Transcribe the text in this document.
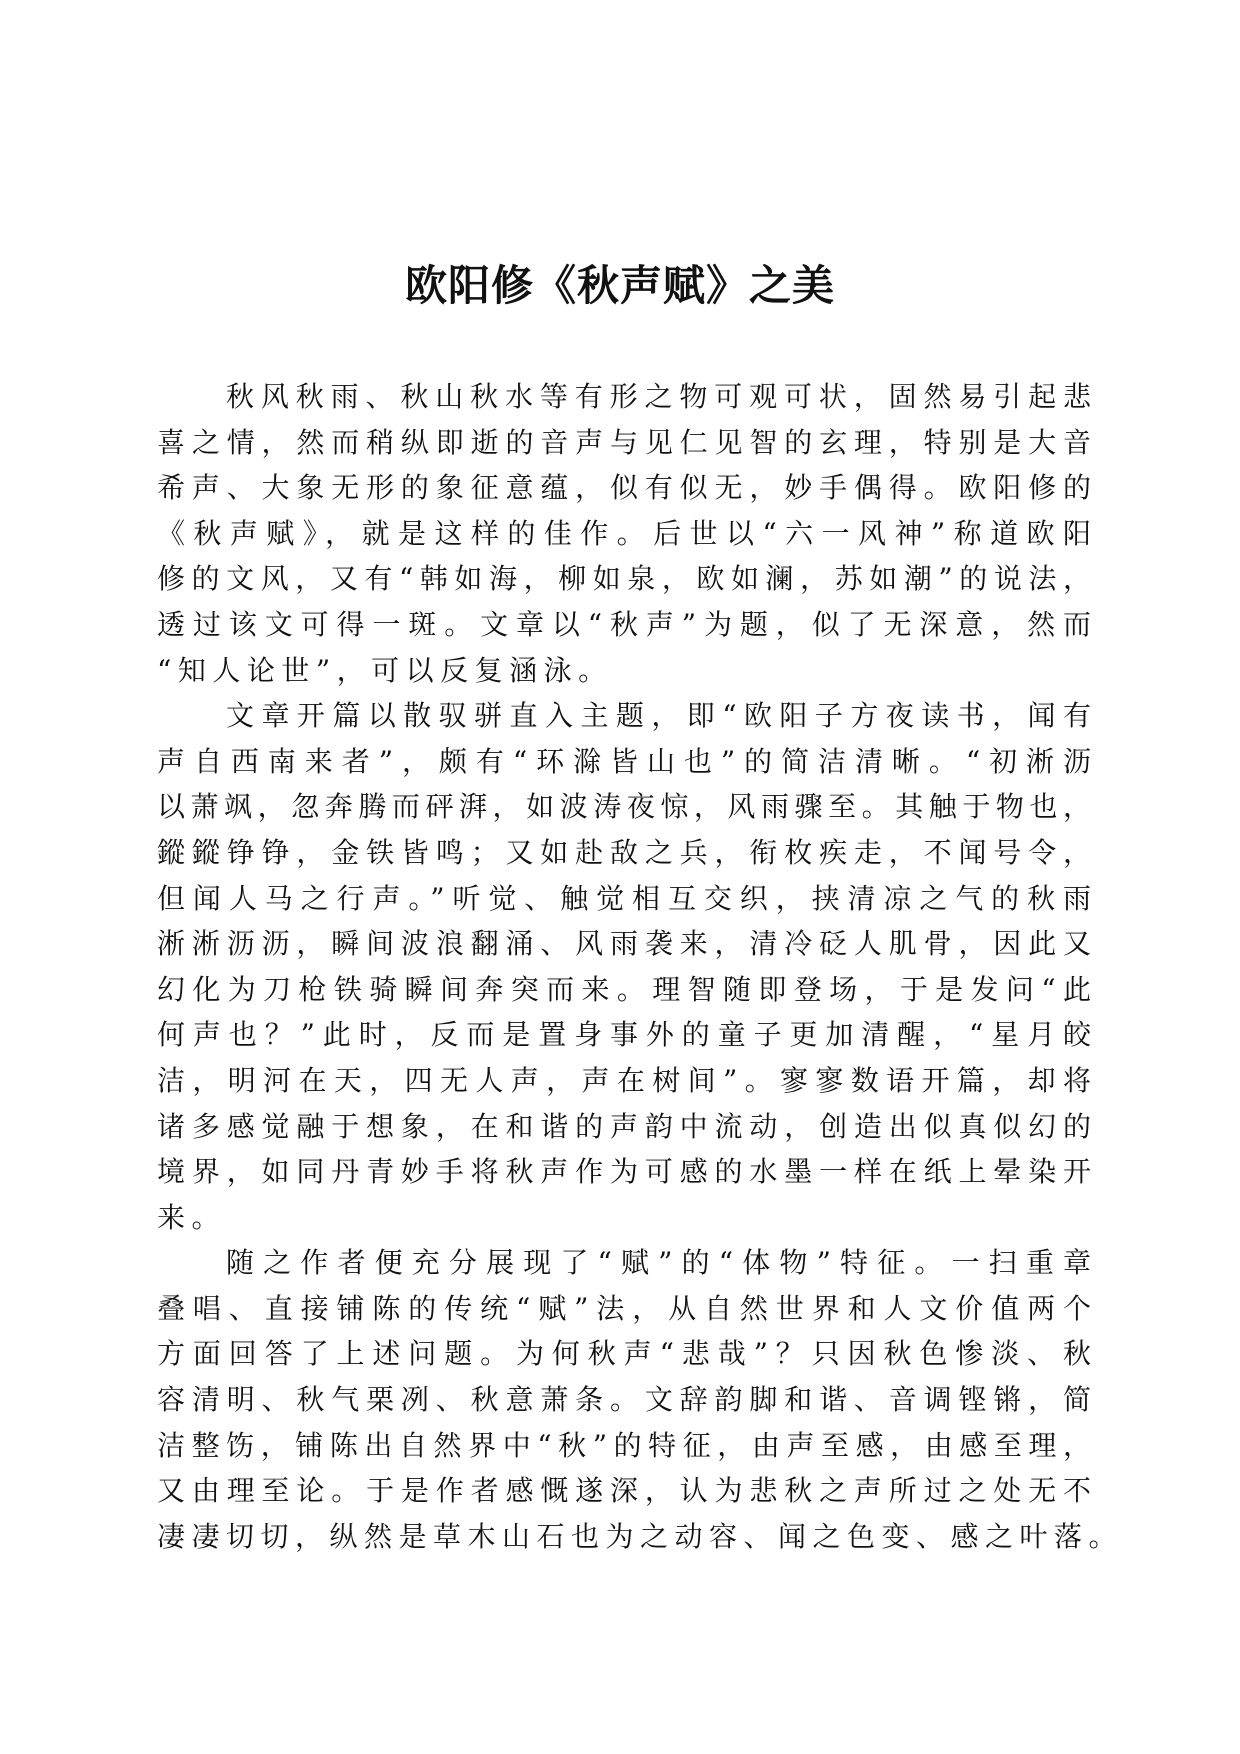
欧阳修《秋声赋》之美
秋风秋雨、秋山秋水等有形之物可观可状，固然易引起悲
喜之情，然而稍纵即逝的音声与见仁见智的玄理，特别是大音
希声、大象无形的象征意蕴，似有似无，妙手偶得。欧阳修的
《秋声赋》，就是这样的佳作。后世以“六一风神”称道欧阳
修的文风，又有“韩如海，柳如泉，欧如澜，苏如潮”的说法，
透过该文可得一斑。文章以“秋声”为题，似了无深意，然而
“知人论世”，可以反复涵泳。
文章开篇以散驭骈直入主题，即“欧阳子方夜读书，闻有
声自西南来者”，颇有“环滁皆山也”的简洁清晰。“初淅沥
以萧飒，忽奔腾而砰湃，如波涛夜惊，风雨骤至。其触于物也，
鏦鏦铮铮，金铁皆鸣；又如赴敌之兵，衔枚疾走，不闻号令，
但闻人马之行声。”听觉、触觉相互交织，挟清凉之气的秋雨
淅淅沥沥，瞬间波浪翻涌、风雨袭来，清冷砭人肌骨，因此又
幻化为刀枪铁骑瞬间奔突而来。理智随即登场，于是发问“此
何声也？”此时，反而是置身事外的童子更加清醒，“星月皎
洁，明河在天，四无人声，声在树间”。寥寥数语开篇，却将
诸多感觉融于想象，在和谐的声韵中流动，创造出似真似幻的
境界，如同丹青妙手将秋声作为可感的水墨一样在纸上晕染开
来。
随之作者便充分展现了“赋”的“体物”特征。一扫重章
叠唱、直接铺陈的传统“赋”法，从自然世界和人文价值两个
方面回答了上述问题。为何秋声“悲哉”？只因秋色惨淡、秋
容清明、秋气栗冽、秋意萧条。文辞韵脚和谐、音调铿锵，简
洁整饬，铺陈出自然界中“秋”的特征，由声至感，由感至理，
又由理至论。于是作者感慨遂深，认为悲秋之声所过之处无不
凄凄切切，纵然是草木山石也为之动容、闻之色变、感之叶落。
